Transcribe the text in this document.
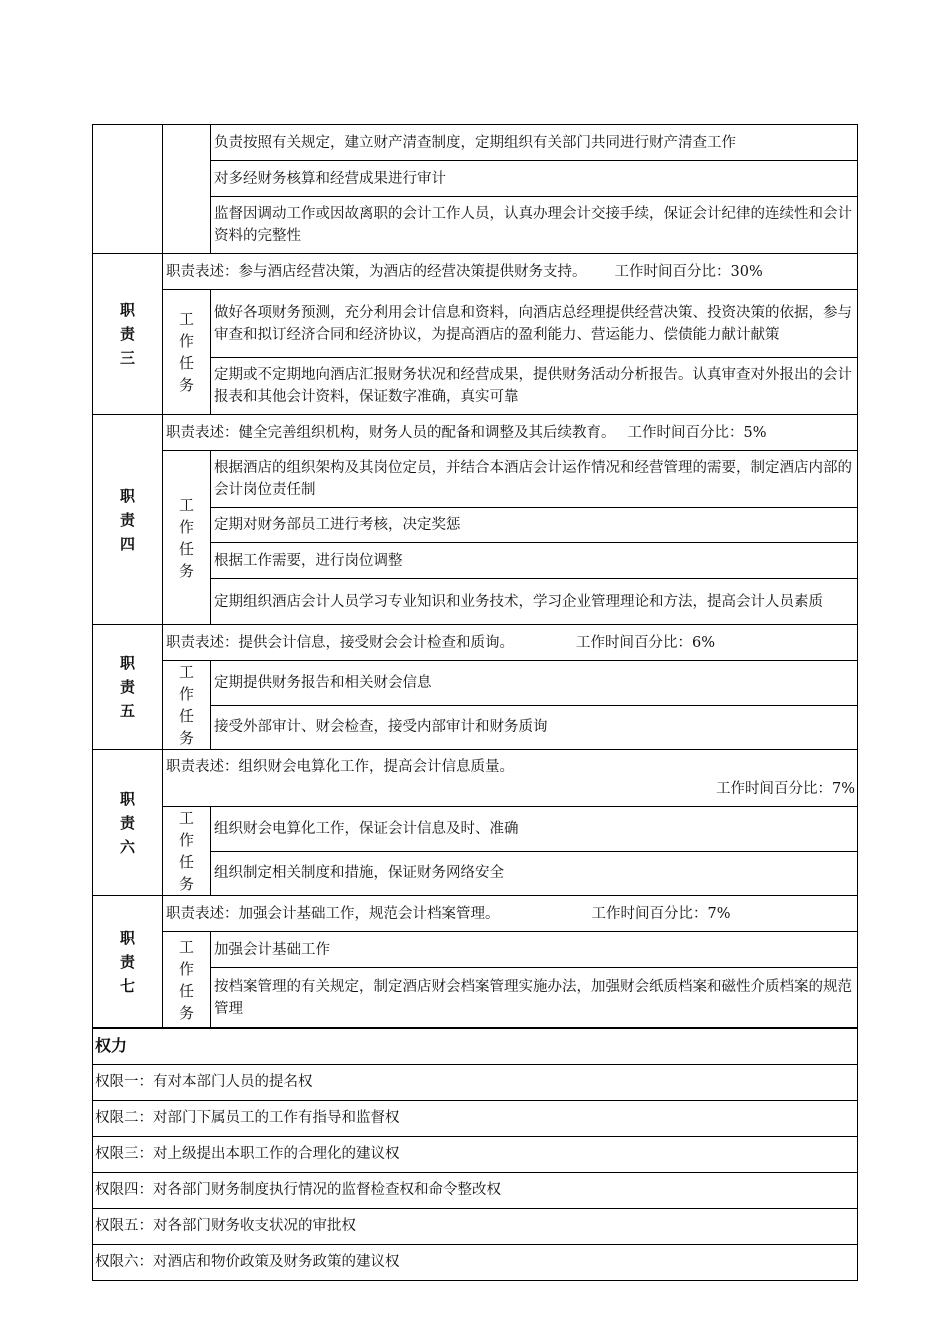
		负责按照有关规定，建立财产清查制度，定期组织有关部门共同进行财产清查工作
		对多经财务核算和经营成果进行审计
		监督因调动工作或因故离职的会计工作人员，认真办理会计交接手续，保证会计纪律的连续性和会计资料的完整性
职责三	职责表述：参与酒店经营决策，为酒店的经营决策提供财务支持。 工作时间百分比：30%	
	工作任务	做好各项财务预测，充分利用会计信息和资料，向酒店总经理提供经营决策、投资决策的依据，参与审查和拟订经济合同和经济协议，为提高酒店的盈利能力、营运能力、偿债能力献计献策
		定期或不定期地向酒店汇报财务状况和经营成果，提供财务活动分析报告。认真审查对外报出的会计报表和其他会计资料，保证数字准确，真实可靠
职责四	职责表述：健全完善组织机构，财务人员的配备和调整及其后续教育。 工作时间百分比：5%	
	工作任务	根据酒店的组织架构及其岗位定员，并结合本酒店会计运作情况和经营管理的需要，制定酒店内部的会计岗位责任制
		定期对财务部员工进行考核，决定奖惩
		根据工作需要，进行岗位调整
		定期组织酒店会计人员学习专业知识和业务技术，学习企业管理理论和方法，提高会计人员素质
职责五	职责表述：提供会计信息，接受财会会计检查和质询。 工作时间百分比：6%	
	工作任务	定期提供财务报告和相关财会信息
		接受外部审计、财会检查，接受内部审计和财务质询
职责六	职责表述：组织财会电算化工作，提高会计信息质量。
工作时间百分比：7%	

	工作任务	组织财会电算化工作，保证会计信息及时、准确
		组织制定相关制度和措施，保证财务网络安全
职责七	职责表述：加强会计基础工作，规范会计档案管理。 工作时间百分比：7%	
	工作任务	加强会计基础工作
		按档案管理的有关规定，制定酒店财会档案管理实施办法，加强财会纸质档案和磁性介质档案的规范管理
权力
权限一：有对本部门人员的提名权
权限二：对部门下属员工的工作有指导和监督权
权限三：对上级提出本职工作的合理化的建议权
权限四：对各部门财务制度执行情况的监督检查权和命令整改权
权限五：对各部门财务收支状况的审批权
权限六：对酒店和物价政策及财务政策的建议权
